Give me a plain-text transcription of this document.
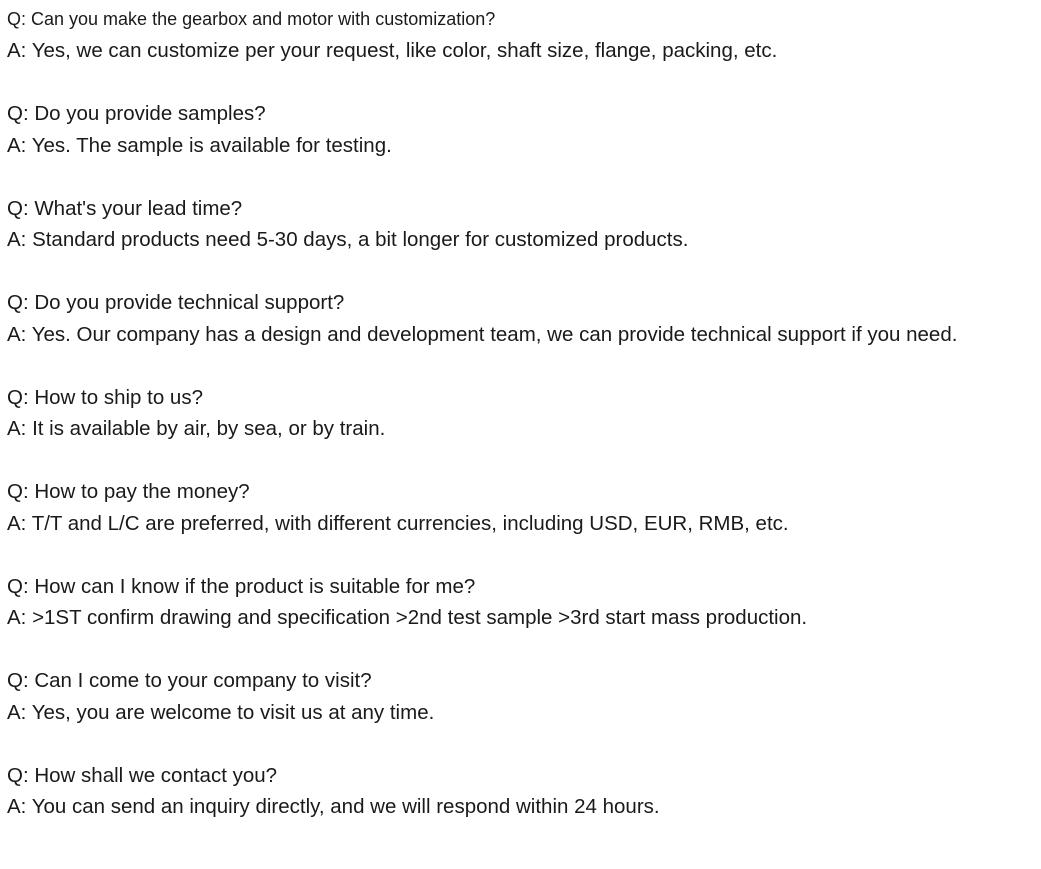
Q: Can you make the gearbox and motor with customization?
A: Yes, we can customize per your request, like color, shaft size, flange, packing, etc.
Q: Do you provide samples?
A: Yes. The sample is available for testing.
Q: What's your lead time?
A: Standard products need 5-30 days, a bit longer for customized products.
Q: Do you provide technical support?
A: Yes. Our company has a design and development team, we can provide technical support if you need.
Q: How to ship to us?
A: It is available by air, by sea, or by train.
Q: How to pay the money?
A: T/T and L/C are preferred, with different currencies, including USD, EUR, RMB, etc.
Q: How can I know if the product is suitable for me?
A: >1ST confirm drawing and specification >2nd test sample >3rd start mass production.
Q: Can I come to your company to visit?
A: Yes, you are welcome to visit us at any time.
Q: How shall we contact you?
A: You can send an inquiry directly, and we will respond within 24 hours.
